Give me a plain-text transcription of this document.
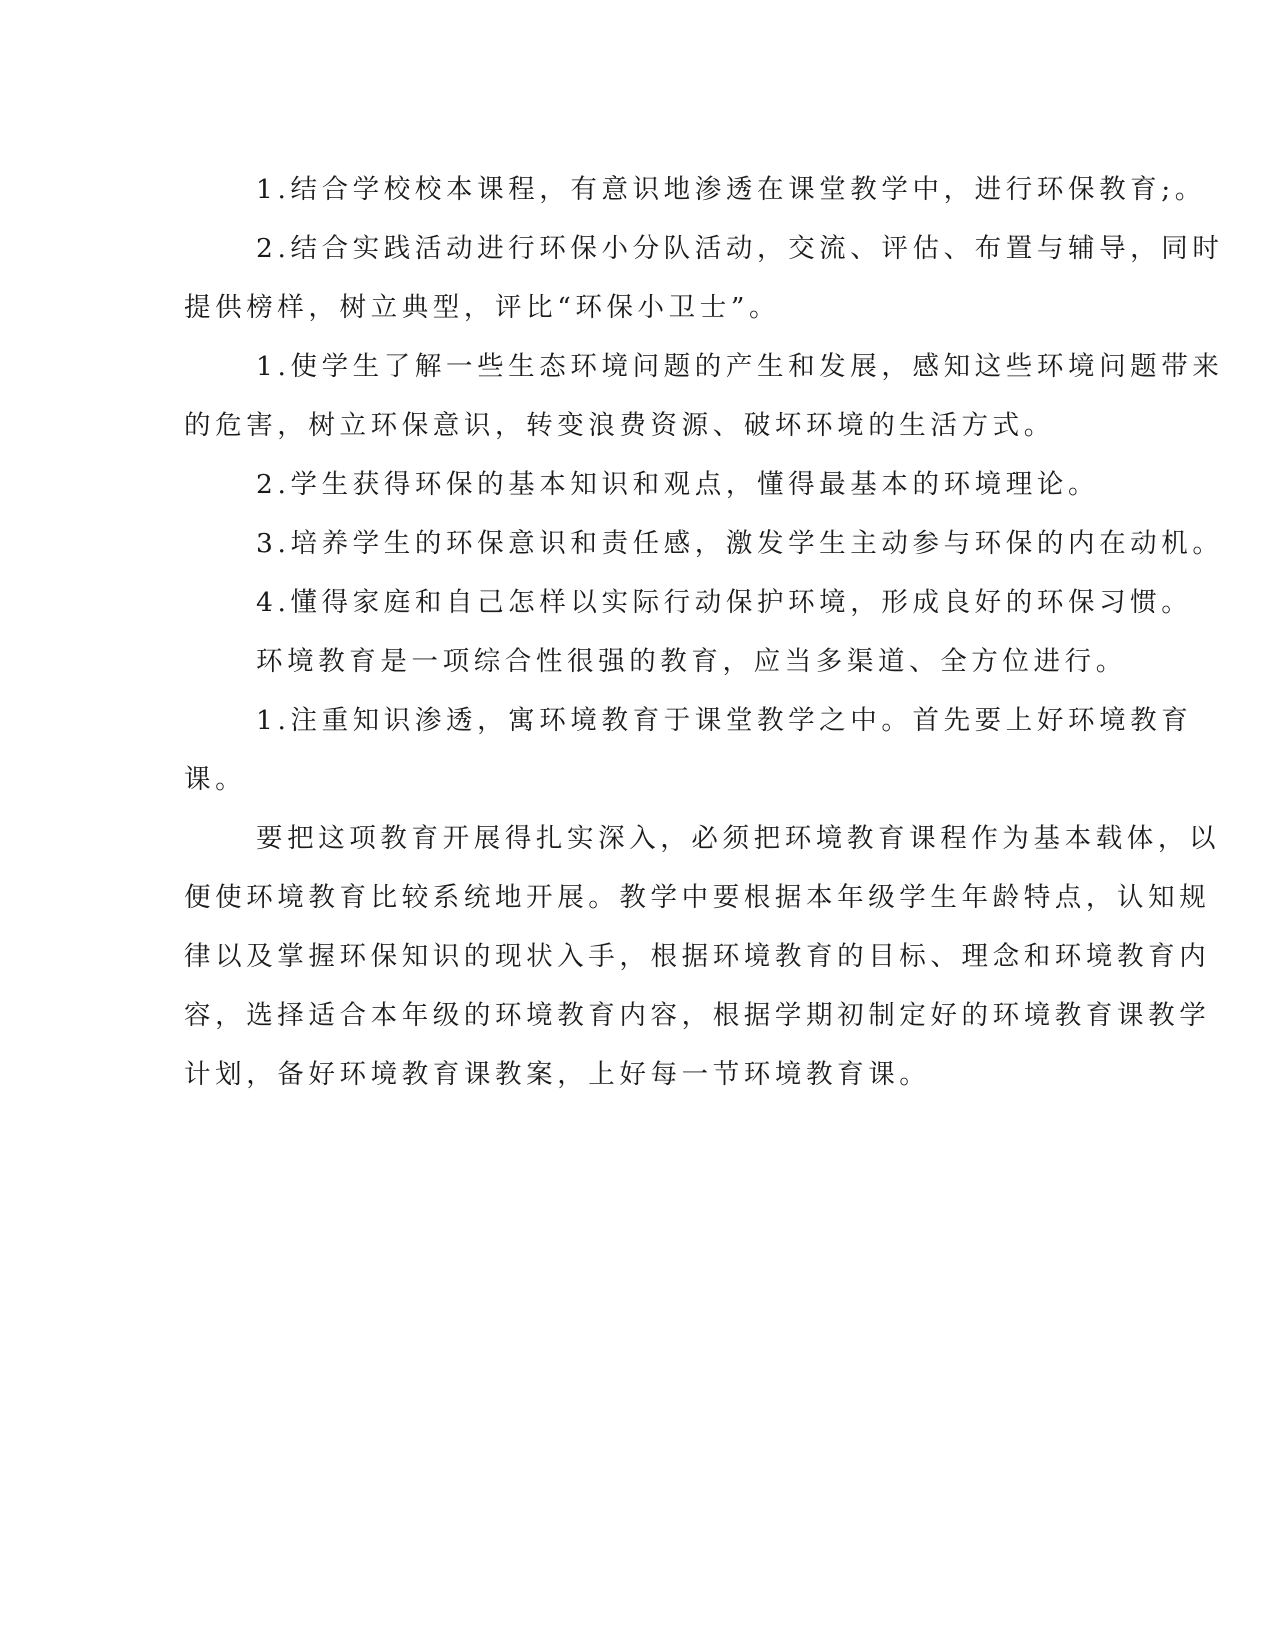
1.结合学校校本课程，有意识地渗透在课堂教学中，进行环保教育;。

2.结合实践活动进行环保小分队活动，交流、评估、布置与辅导，同时提供榜样，树立典型，评比“环保小卫士”。

1.使学生了解一些生态环境问题的产生和发展，感知这些环境问题带来的危害，树立环保意识，转变浪费资源、破坏环境的生活方式。

2.学生获得环保的基本知识和观点，懂得最基本的环境理论。

3.培养学生的环保意识和责任感，激发学生主动参与环保的内在动机。

4.懂得家庭和自己怎样以实际行动保护环境，形成良好的环保习惯。

环境教育是一项综合性很强的教育，应当多渠道、全方位进行。

1.注重知识渗透，寓环境教育于课堂教学之中。首先要上好环境教育课。

要把这项教育开展得扎实深入，必须把环境教育课程作为基本载体，以便使环境教育比较系统地开展。教学中要根据本年级学生年龄特点，认知规律以及掌握环保知识的现状入手，根据环境教育的目标、理念和环境教育内容，选择适合本年级的环境教育内容，根据学期初制定好的环境教育课教学计划，备好环境教育课教案，上好每一节环境教育课。
